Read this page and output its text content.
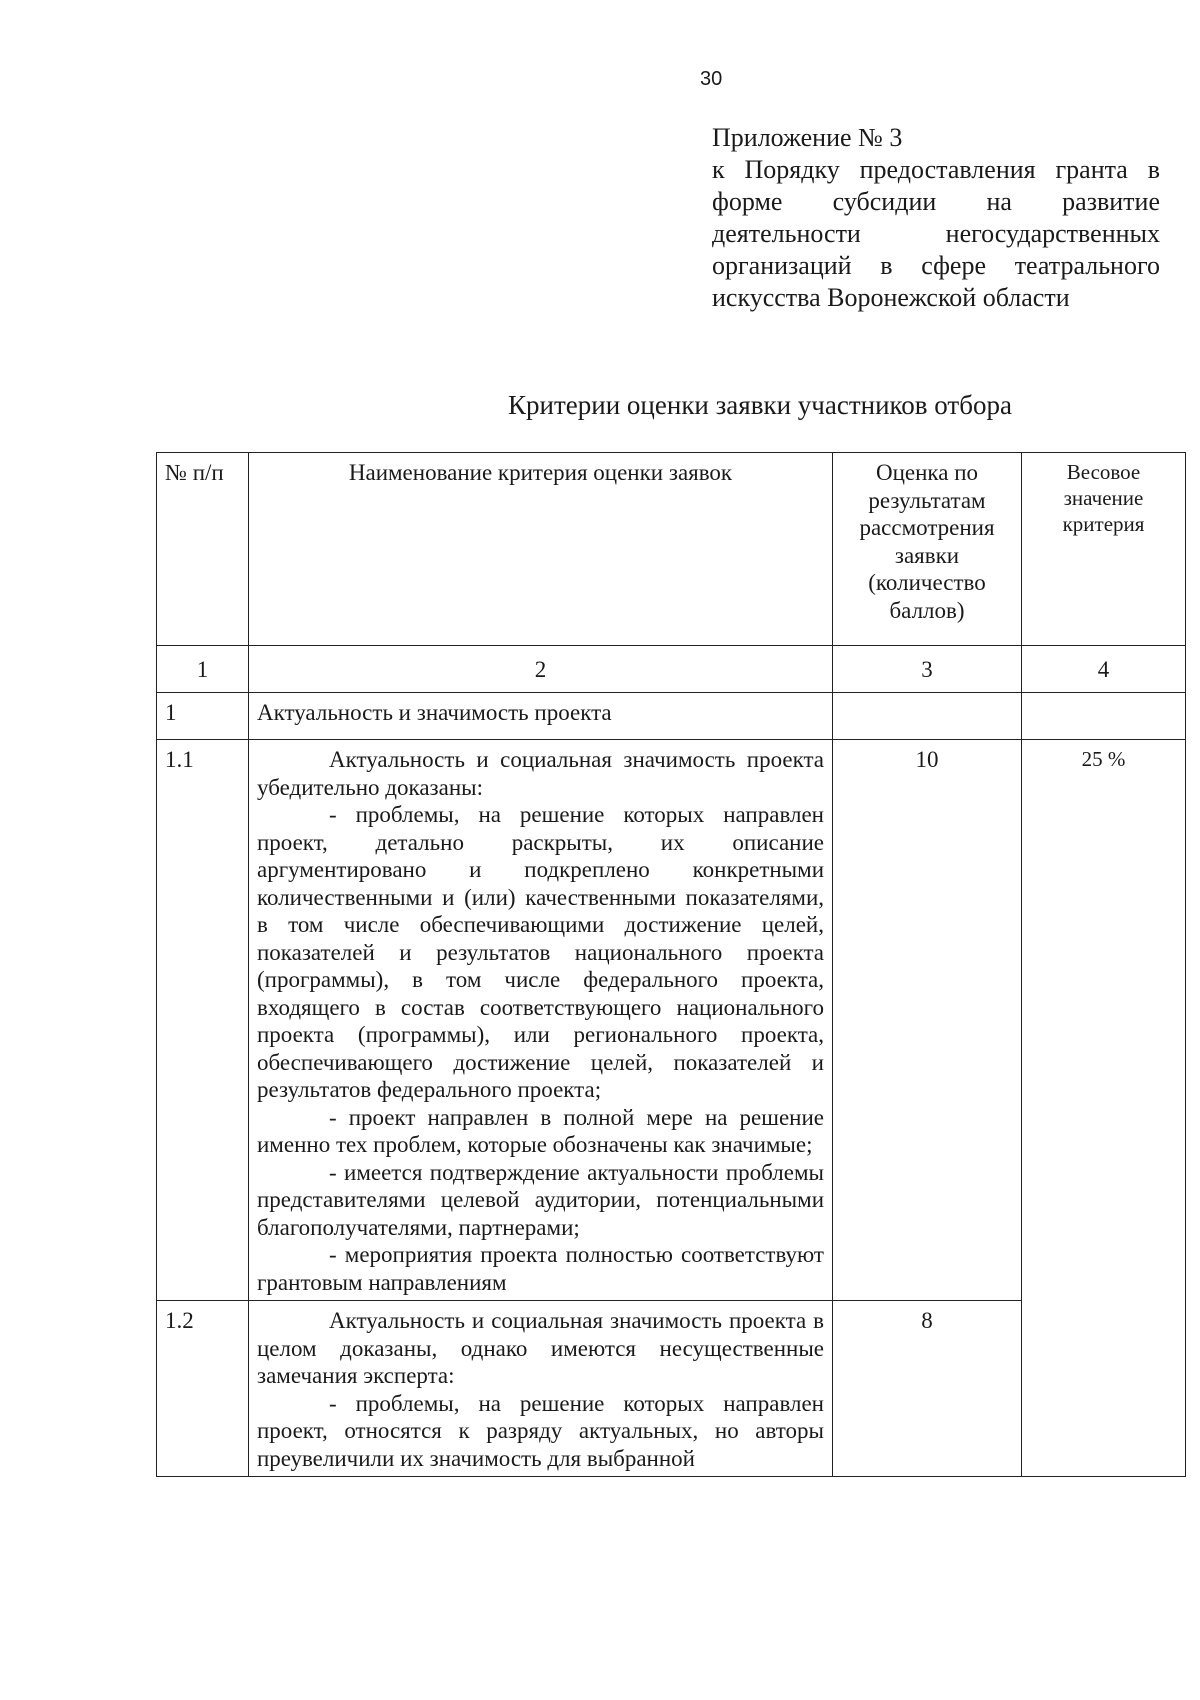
30
Приложение № 3
к Порядку предоставления гранта в форме субсидии на развитие деятельности негосударственных организаций в сфере театрального искусства Воронежской области
Критерии оценки заявки участников отбора
№ п/п	Наименование критерия оценки заявок	Оценка по результатам рассмотрения заявки (количество баллов)	Весовое значение критерия
1	2	3	4
1	Актуальность и значимость проекта		
1.1	Актуальность и социальная значимость проекта убедительно доказаны:
- проблемы, на решение которых направлен проект, детально раскрыты, их описание аргументировано и подкреплено конкретными количественными и (или) качественными показателями, в том числе обеспечивающими достижение целей, показателей и результатов национального проекта (программы), в том числе федерального проекта, входящего в состав соответствующего национального проекта (программы), или регионального проекта, обеспечивающего достижение целей, показателей и результатов федерального проекта;
- проект направлен в полной мере на решение именно тех проблем, которые обозначены как значимые;
- имеется подтверждение актуальности проблемы представителями целевой аудитории, потенциальными благополучателями, партнерами;
- мероприятия проекта полностью соответствуют грантовым направлениям	10	25 %
1.2	Актуальность и социальная значимость проекта в целом доказаны, однако имеются несущественные замечания эксперта:
- проблемы, на решение которых направлен проект, относятся к разряду актуальных, но авторы преувеличили их значимость для выбранной	8	
